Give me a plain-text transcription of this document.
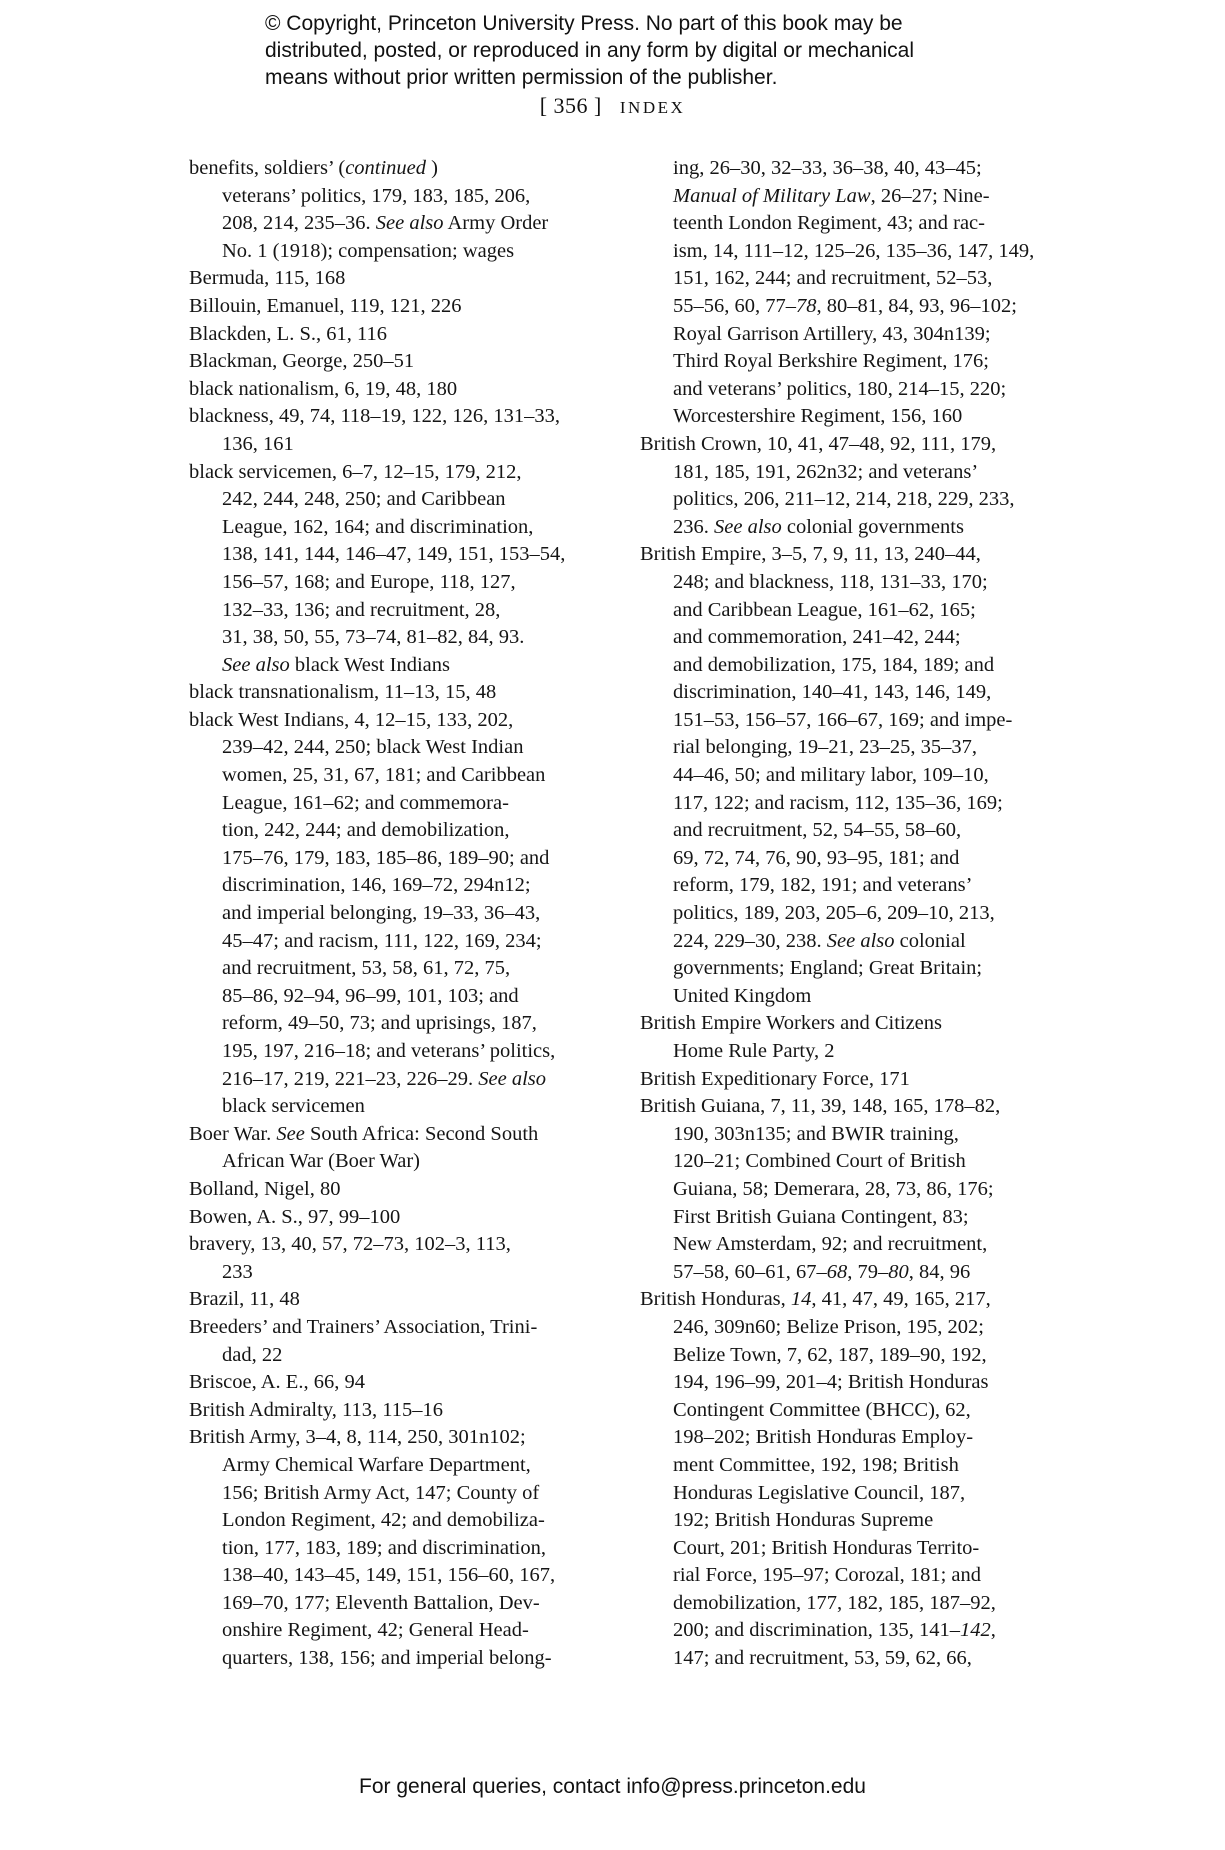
© Copyright, Princeton University Press. No part of this book may be
distributed, posted, or reproduced in any form by digital or mechanical
means without prior written permission of the publisher.
[ 356 ] INDEX
benefits, soldiers’ (continued )
veterans’ politics, 179, 183, 185, 206,
208, 214, 235–36. See also Army Order
No. 1 (1918); compensation; wages
Bermuda, 115, 168
Billouin, Emanuel, 119, 121, 226
Blackden, L. S., 61, 116
Blackman, George, 250–51
black nationalism, 6, 19, 48, 180
blackness, 49, 74, 118–19, 122, 126, 131–33,
136, 161
black servicemen, 6–7, 12–15, 179, 212,
242, 244, 248, 250; and Caribbean
League, 162, 164; and discrimination,
138, 141, 144, 146–47, 149, 151, 153–54,
156–57, 168; and Europe, 118, 127,
132–33, 136; and recruitment, 28,
31, 38, 50, 55, 73–74, 81–82, 84, 93.
See also black West Indians
black transnationalism, 11–13, 15, 48
black West Indians, 4, 12–15, 133, 202,
239–42, 244, 250; black West Indian
women, 25, 31, 67, 181; and Caribbean
League, 161–62; and commemora-
tion, 242, 244; and demobilization,
175–76, 179, 183, 185–86, 189–90; and
discrimination, 146, 169–72, 294n12;
and imperial belonging, 19–33, 36–43,
45–47; and racism, 111, 122, 169, 234;
and recruitment, 53, 58, 61, 72, 75,
85–86, 92–94, 96–99, 101, 103; and
reform, 49–50, 73; and uprisings, 187,
195, 197, 216–18; and veterans’ politics,
216–17, 219, 221–23, 226–29. See also
black servicemen
Boer War. See South Africa: Second South
African War (Boer War)
Bolland, Nigel, 80
Bowen, A. S., 97, 99–100
bravery, 13, 40, 57, 72–73, 102–3, 113,
233
Brazil, 11, 48
Breeders’ and Trainers’ Association, Trini-
dad, 22
Briscoe, A. E., 66, 94
British Admiralty, 113, 115–16
British Army, 3–4, 8, 114, 250, 301n102;
Army Chemical Warfare Department,
156; British Army Act, 147; County of
London Regiment, 42; and demobiliza-
tion, 177, 183, 189; and discrimination,
138–40, 143–45, 149, 151, 156–60, 167,
169–70, 177; Eleventh Battalion, Dev-
onshire Regiment, 42; General Head-
quarters, 138, 156; and imperial belong-
ing, 26–30, 32–33, 36–38, 40, 43–45;
Manual of Military Law, 26–27; Nine-
teenth London Regiment, 43; and rac-
ism, 14, 111–12, 125–26, 135–36, 147, 149,
151, 162, 244; and recruitment, 52–53,
55–56, 60, 77–78, 80–81, 84, 93, 96–102;
Royal Garrison Artillery, 43, 304n139;
Third Royal Berkshire Regiment, 176;
and veterans’ politics, 180, 214–15, 220;
Worcestershire Regiment, 156, 160
British Crown, 10, 41, 47–48, 92, 111, 179,
181, 185, 191, 262n32; and veterans’
politics, 206, 211–12, 214, 218, 229, 233,
236. See also colonial governments
British Empire, 3–5, 7, 9, 11, 13, 240–44,
248; and blackness, 118, 131–33, 170;
and Caribbean League, 161–62, 165;
and commemoration, 241–42, 244;
and demobilization, 175, 184, 189; and
discrimination, 140–41, 143, 146, 149,
151–53, 156–57, 166–67, 169; and impe-
rial belonging, 19–21, 23–25, 35–37,
44–46, 50; and military labor, 109–10,
117, 122; and racism, 112, 135–36, 169;
and recruitment, 52, 54–55, 58–60,
69, 72, 74, 76, 90, 93–95, 181; and
reform, 179, 182, 191; and veterans’
politics, 189, 203, 205–6, 209–10, 213,
224, 229–30, 238. See also colonial
governments; England; Great Britain;
United Kingdom
British Empire Workers and Citizens
Home Rule Party, 2
British Expeditionary Force, 171
British Guiana, 7, 11, 39, 148, 165, 178–82,
190, 303n135; and BWIR training,
120–21; Combined Court of British
Guiana, 58; Demerara, 28, 73, 86, 176;
First British Guiana Contingent, 83;
New Amsterdam, 92; and recruitment,
57–58, 60–61, 67–68, 79–80, 84, 96
British Honduras, 14, 41, 47, 49, 165, 217,
246, 309n60; Belize Prison, 195, 202;
Belize Town, 7, 62, 187, 189–90, 192,
194, 196–99, 201–4; British Honduras
Contingent Committee (BHCC), 62,
198–202; British Honduras Employ-
ment Committee, 192, 198; British
Honduras Legislative Council, 187,
192; British Honduras Supreme
Court, 201; British Honduras Territo-
rial Force, 195–97; Corozal, 181; and
demobilization, 177, 182, 185, 187–92,
200; and discrimination, 135, 141–142,
147; and recruitment, 53, 59, 62, 66,
For general queries, contact info@press.princeton.edu
